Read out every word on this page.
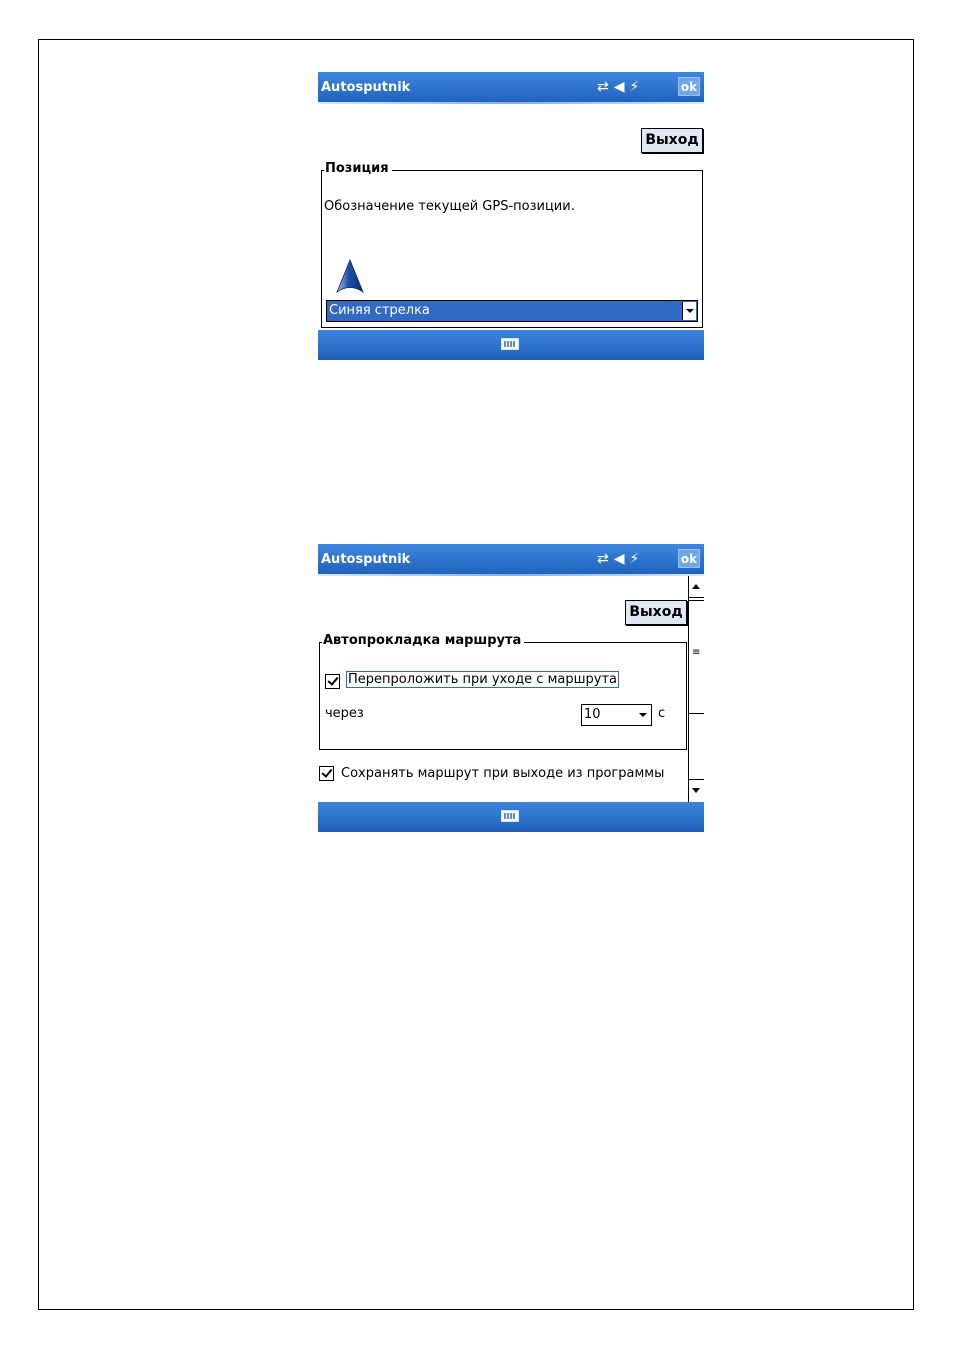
Autosputnik	⇄ ◀ ⚡	ok
Выход
Позиция
Обозначение текущей GPS-позиции.
Синяя стрелка
Autosputnik	⇄ ◀ ⚡	ok
Выход
Автопрокладка маршрута
Перепроложить при уходе с маршрута
через	10	с
Сохранять маршрут при выходе из программы
≡
